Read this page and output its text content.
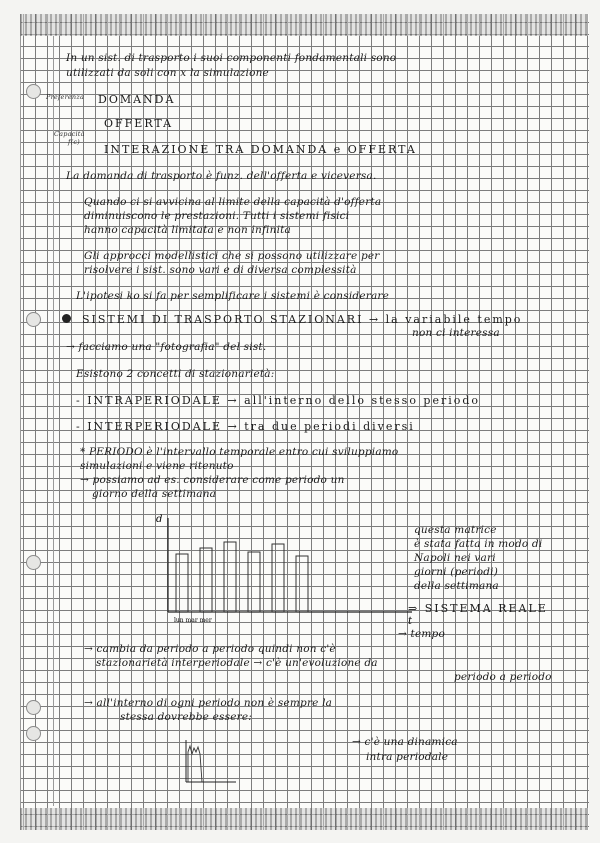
In un sist. di trasporto i suoi componenti fondamentali sono
utilizzati da soli con x la simulazione
Preferenza DOMANDA
OFFERTA
Capacità
f(c)
INTERAZIONE TRA DOMANDA e OFFERTA
La domanda di trasporto è funz. dell'offerta e viceversa.
Quando ci si avvicina al limite della capacità d'offerta
diminuiscono le prestazioni. Tutti i sistemi fisici
hanno capacità limitata e non infinita
Gli approcci modellistici che si possono utilizzare per
risolvere i sist. sono vari e di diversa complessità
L'ipotesi ko si fa per semplificare i sistemi è considerare
SISTEMI DI TRASPORTO STAZIONARI → la variabile tempo
non ci interessa
→ facciamo una "fotografia" del sist.
Esistono 2 concetti di stazionarietà:
- INTRAPERIODALE → all'interno dello stesso periodo
- INTERPERIODALE → tra due periodi diversi
* PERIODO è l'intervallo temporale entro cui sviluppiamo
simulazioni e viene ritenuto
→ possiamo ad es. considerare come periodo un
giorno della settimana
d
t
lun mar mer
questa matrice
è stata fatta in modo di
Napoli nei vari
giorni (periodi)
della settimana
⇒ SISTEMA REALE
→ tempo
→ cambia da periodo a periodo quindi non c'è
stazionarietà interperiodale → c'è un'evoluzione da
periodo a periodo
→ all'interno di ogni periodo non è sempre la
stessa dovrebbe essere:
→ c'è una dinamica
intra periodale
